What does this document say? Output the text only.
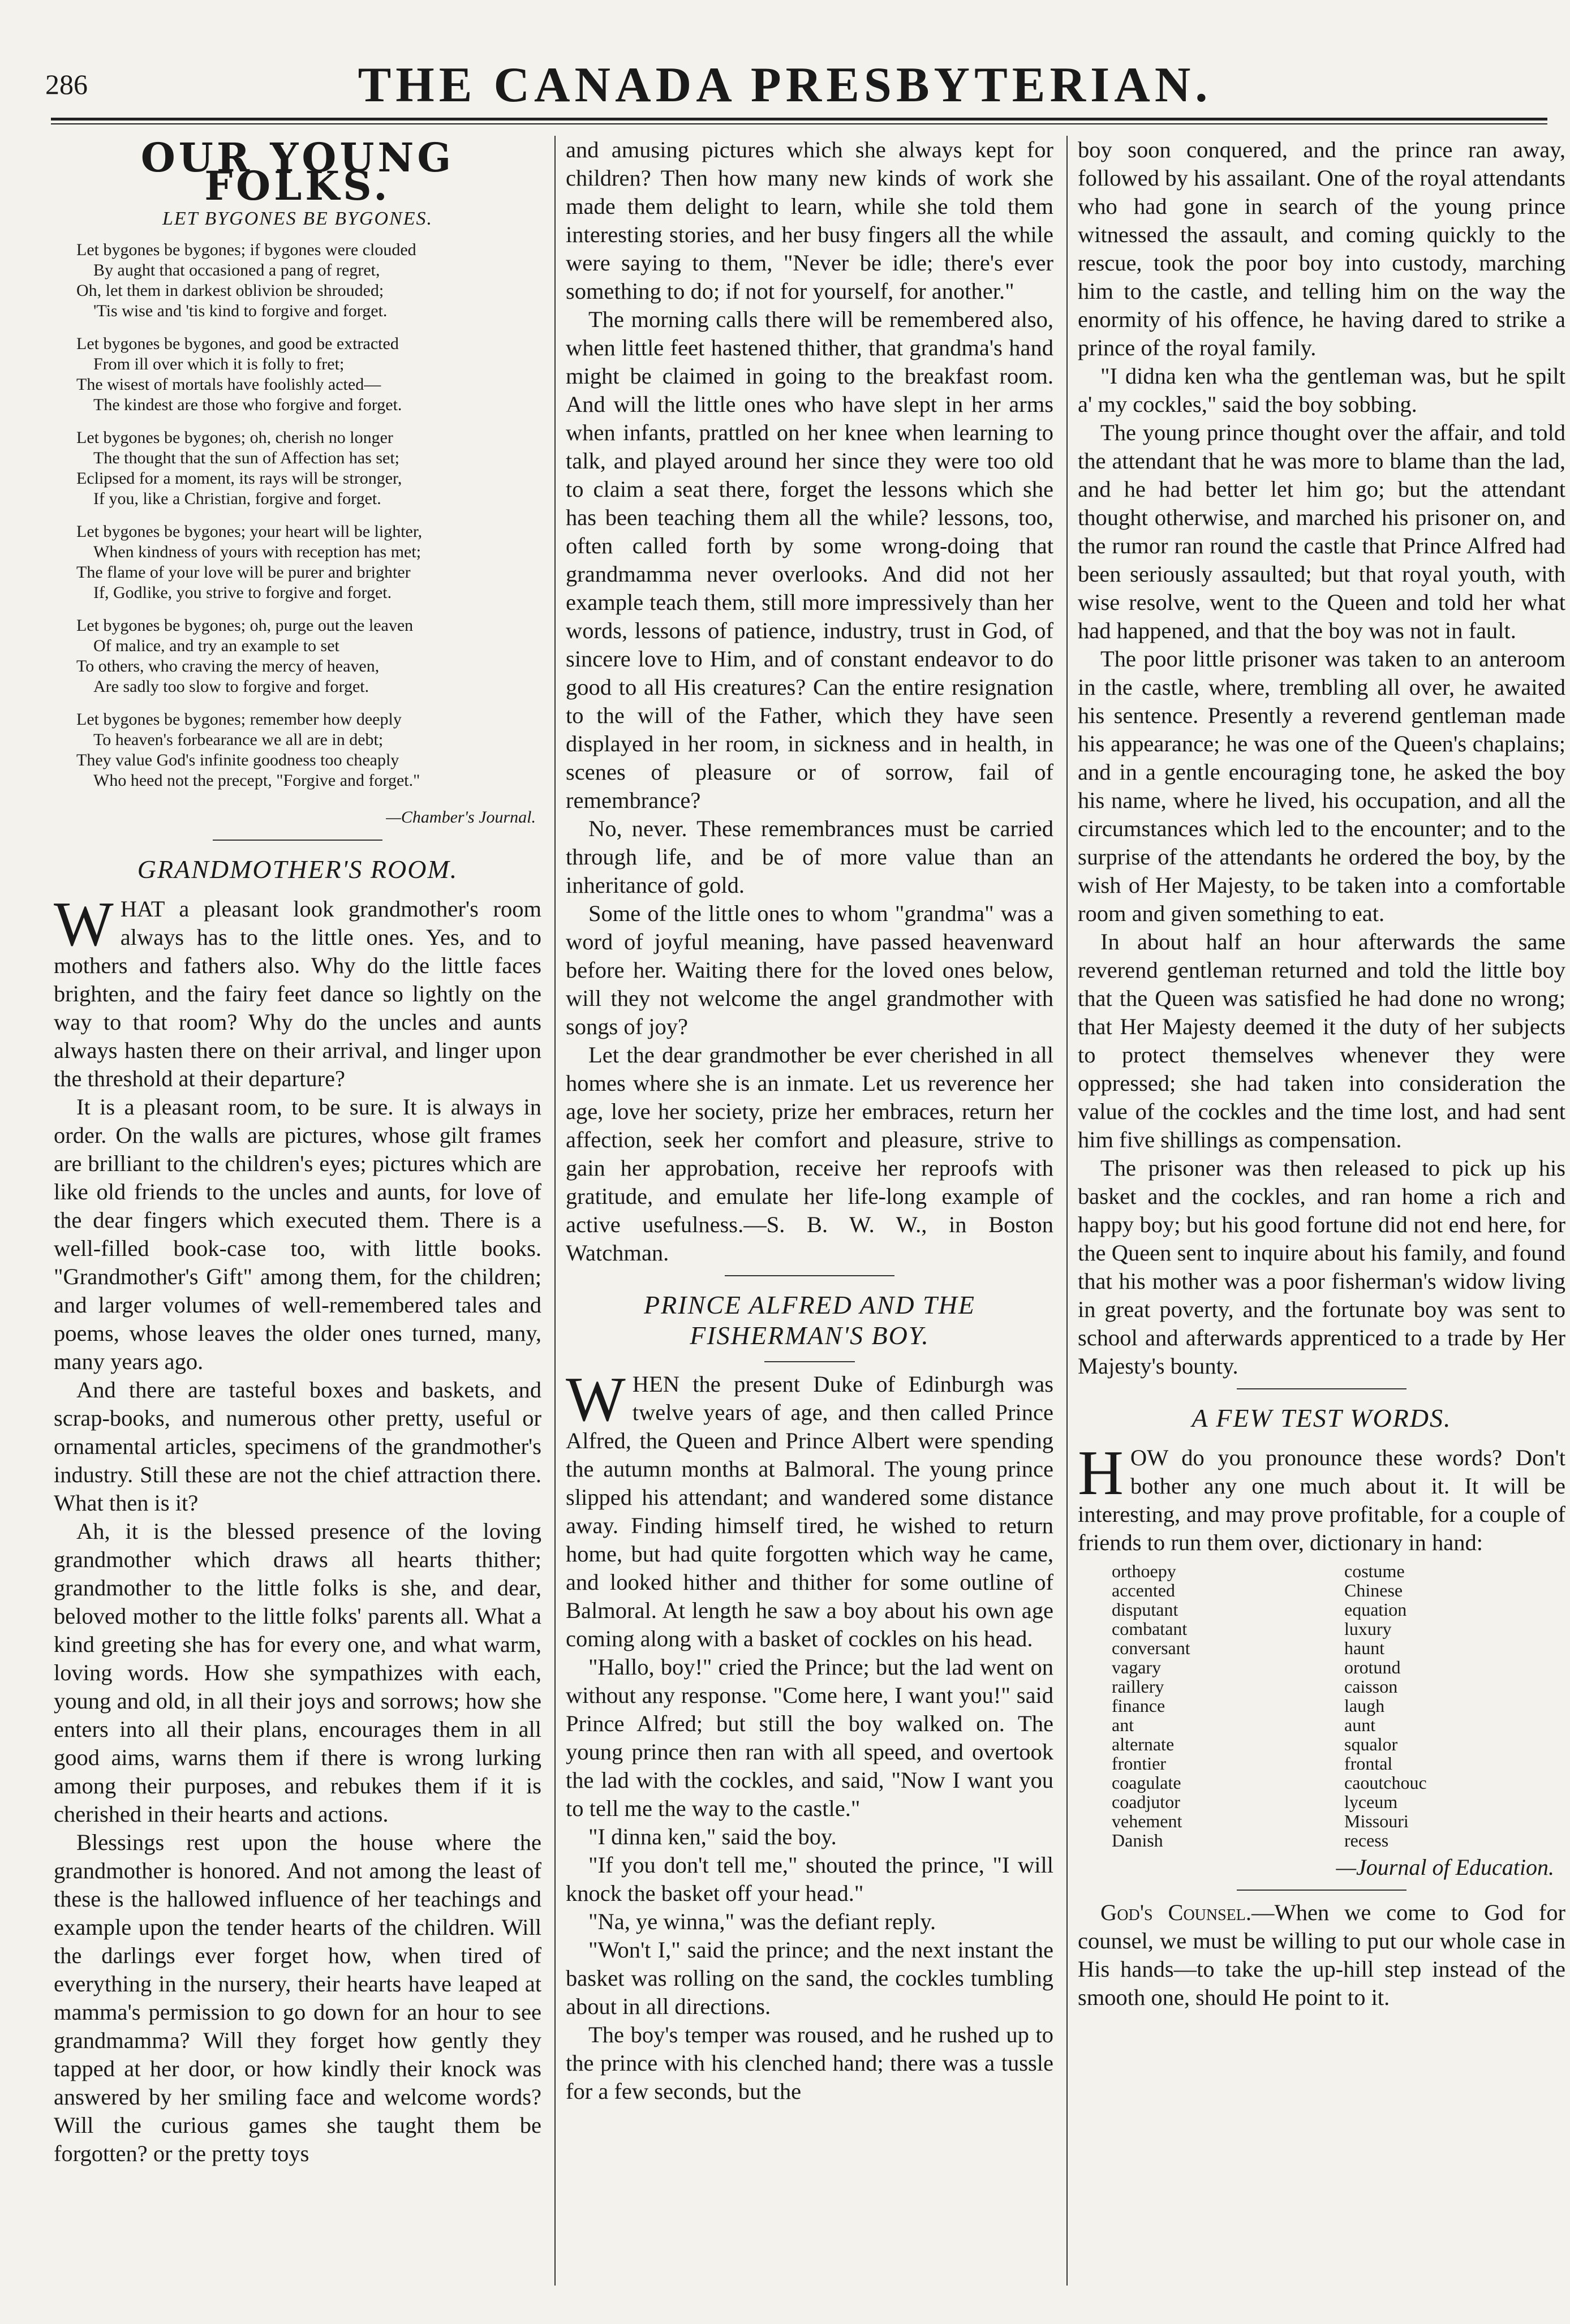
286	THE CANADA PRESBYTERIAN.
OUR YOUNG FOLKS.
LET BYGONES BE BYGONES.
Let bygones be bygones; if bygones were clouded
By aught that occasioned a pang of regret,
Oh, let them in darkest oblivion be shrouded;
'Tis wise and 'tis kind to forgive and forget.
Let bygones be bygones, and good be extracted
From ill over which it is folly to fret;
The wisest of mortals have foolishly acted—
The kindest are those who forgive and forget.
Let bygones be bygones; oh, cherish no longer
The thought that the sun of Affection has set;
Eclipsed for a moment, its rays will be stronger,
If you, like a Christian, forgive and forget.
Let bygones be bygones; your heart will be lighter,
When kindness of yours with reception has met;
The flame of your love will be purer and brighter
If, Godlike, you strive to forgive and forget.
Let bygones be bygones; oh, purge out the leaven
Of malice, and try an example to set
To others, who craving the mercy of heaven,
Are sadly too slow to forgive and forget.
Let bygones be bygones; remember how deeply
To heaven's forbearance we all are in debt;
They value God's infinite goodness too cheaply
Who heed not the precept, "Forgive and forget."
—Chamber's Journal.
GRANDMOTHER'S ROOM.

WHAT a pleasant look grandmother's room always has to the little ones. Yes, and to mothers and fathers also. Why do the little faces brighten, and the fairy feet dance so lightly on the way to that room? Why do the uncles and aunts always hasten there on their arrival, and linger upon the threshold at their departure?

It is a pleasant room, to be sure. It is always in order. On the walls are pictures, whose gilt frames are brilliant to the children's eyes; pictures which are like old friends to the uncles and aunts, for love of the dear fingers which executed them. There is a well-filled book-case too, with little books. "Grandmother's Gift" among them, for the children; and larger volumes of well-remembered tales and poems, whose leaves the older ones turned, many, many years ago.

And there are tasteful boxes and baskets, and scrap-books, and numerous other pretty, useful or ornamental articles, specimens of the grandmother's industry. Still these are not the chief attraction there. What then is it?

Ah, it is the blessed presence of the loving grandmother which draws all hearts thither; grandmother to the little folks is she, and dear, beloved mother to the little folks' parents all. What a kind greeting she has for every one, and what warm, loving words. How she sympathizes with each, young and old, in all their joys and sorrows; how she enters into all their plans, encourages them in all good aims, warns them if there is wrong lurking among their purposes, and rebukes them if it is cherished in their hearts and actions.

Blessings rest upon the house where the grandmother is honored. And not among the least of these is the hallowed influence of her teachings and example upon the tender hearts of the children. Will the darlings ever forget how, when tired of everything in the nursery, their hearts have leaped at mamma's permission to go down for an hour to see grandmamma? Will they forget how gently they tapped at her door, or how kindly their knock was answered by her smiling face and welcome words? Will the curious games she taught them be forgotten? or the pretty toys

and amusing pictures which she always kept for children? Then how many new kinds of work she made them delight to learn, while she told them interesting stories, and her busy fingers all the while were saying to them, "Never be idle; there's ever something to do; if not for yourself, for another."

The morning calls there will be remembered also, when little feet hastened thither, that grandma's hand might be claimed in going to the breakfast room. And will the little ones who have slept in her arms when infants, prattled on her knee when learning to talk, and played around her since they were too old to claim a seat there, forget the lessons which she has been teaching them all the while? lessons, too, often called forth by some wrong-doing that grandmamma never overlooks. And did not her example teach them, still more impressively than her words, lessons of patience, industry, trust in God, of sincere love to Him, and of constant endeavor to do good to all His creatures? Can the entire resignation to the will of the Father, which they have seen displayed in her room, in sickness and in health, in scenes of pleasure or of sorrow, fail of remembrance?

No, never. These remembrances must be carried through life, and be of more value than an inheritance of gold.

Some of the little ones to whom "grandma" was a word of joyful meaning, have passed heavenward before her. Waiting there for the loved ones below, will they not welcome the angel grandmother with songs of joy?

Let the dear grandmother be ever cherished in all homes where she is an inmate. Let us reverence her age, love her society, prize her embraces, return her affection, seek her comfort and pleasure, strive to gain her approbation, receive her reproofs with gratitude, and emulate her life-long example of active usefulness.—S. B. W. W., in Boston Watchman.

PRINCE ALFRED AND THE
FISHERMAN'S BOY.

WHEN the present Duke of Edinburgh was twelve years of age, and then called Prince Alfred, the Queen and Prince Albert were spending the autumn months at Balmoral. The young prince slipped his attendant; and wandered some distance away. Finding himself tired, he wished to return home, but had quite forgotten which way he came, and looked hither and thither for some outline of Balmoral. At length he saw a boy about his own age coming along with a basket of cockles on his head.

"Hallo, boy!" cried the Prince; but the lad went on without any response. "Come here, I want you!" said Prince Alfred; but still the boy walked on. The young prince then ran with all speed, and overtook the lad with the cockles, and said, "Now I want you to tell me the way to the castle."

"I dinna ken," said the boy.

"If you don't tell me," shouted the prince, "I will knock the basket off your head."

"Na, ye winna," was the defiant reply.

"Won't I," said the prince; and the next instant the basket was rolling on the sand, the cockles tumbling about in all directions.

The boy's temper was roused, and he rushed up to the prince with his clenched hand; there was a tussle for a few seconds, but the

boy soon conquered, and the prince ran away, followed by his assailant. One of the royal attendants who had gone in search of the young prince witnessed the assault, and coming quickly to the rescue, took the poor boy into custody, marching him to the castle, and telling him on the way the enormity of his offence, he having dared to strike a prince of the royal family.

"I didna ken wha the gentleman was, but he spilt a' my cockles," said the boy sobbing.

The young prince thought over the affair, and told the attendant that he was more to blame than the lad, and he had better let him go; but the attendant thought otherwise, and marched his prisoner on, and the rumor ran round the castle that Prince Alfred had been seriously assaulted; but that royal youth, with wise resolve, went to the Queen and told her what had happened, and that the boy was not in fault.

The poor little prisoner was taken to an anteroom in the castle, where, trembling all over, he awaited his sentence. Presently a reverend gentleman made his appearance; he was one of the Queen's chaplains; and in a gentle encouraging tone, he asked the boy his name, where he lived, his occupation, and all the circumstances which led to the encounter; and to the surprise of the attendants he ordered the boy, by the wish of Her Majesty, to be taken into a comfortable room and given something to eat.

In about half an hour afterwards the same reverend gentleman returned and told the little boy that the Queen was satisfied he had done no wrong; that Her Majesty deemed it the duty of her subjects to protect themselves whenever they were oppressed; she had taken into consideration the value of the cockles and the time lost, and had sent him five shillings as compensation.

The prisoner was then released to pick up his basket and the cockles, and ran home a rich and happy boy; but his good fortune did not end here, for the Queen sent to inquire about his family, and found that his mother was a poor fisherman's widow living in great poverty, and the fortunate boy was sent to school and afterwards apprenticed to a trade by Her Majesty's bounty.

A FEW TEST WORDS.

HOW do you pronounce these words? Don't bother any one much about it. It will be interesting, and may prove profitable, for a couple of friends to run them over, dictionary in hand:

orthoepy
accented
disputant
combatant
conversant
vagary
raillery
finance
ant
alternate
frontier
coagulate
coadjutor
vehement
Danish
costume
Chinese
equation
luxury
haunt
orotund
caisson
laugh
aunt
squalor
frontal
caoutchouc
lyceum
Missouri
recess
—Journal of Education.

God's Counsel.—When we come to God for counsel, we must be willing to put our whole case in His hands—to take the up-hill step instead of the smooth one, should He point to it.
